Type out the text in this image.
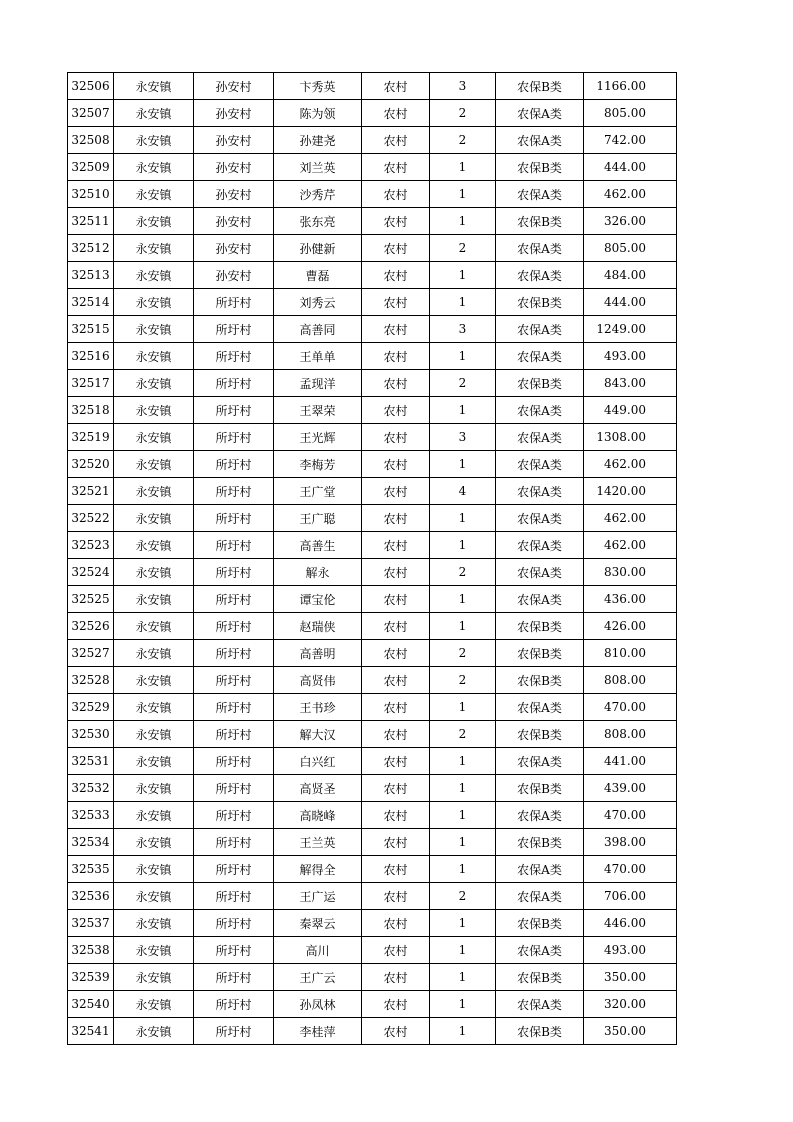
32506	永安镇	孙安村	卞秀英	农村	3	农保B类	1166.00
32507	永安镇	孙安村	陈为领	农村	2	农保A类	805.00
32508	永安镇	孙安村	孙建尧	农村	2	农保A类	742.00
32509	永安镇	孙安村	刘兰英	农村	1	农保B类	444.00
32510	永安镇	孙安村	沙秀芹	农村	1	农保A类	462.00
32511	永安镇	孙安村	张东亮	农村	1	农保B类	326.00
32512	永安镇	孙安村	孙健新	农村	2	农保A类	805.00
32513	永安镇	孙安村	曹磊	农村	1	农保A类	484.00
32514	永安镇	所圩村	刘秀云	农村	1	农保B类	444.00
32515	永安镇	所圩村	高善同	农村	3	农保A类	1249.00
32516	永安镇	所圩村	王单单	农村	1	农保A类	493.00
32517	永安镇	所圩村	孟现洋	农村	2	农保B类	843.00
32518	永安镇	所圩村	王翠荣	农村	1	农保A类	449.00
32519	永安镇	所圩村	王光辉	农村	3	农保A类	1308.00
32520	永安镇	所圩村	李梅芳	农村	1	农保A类	462.00
32521	永安镇	所圩村	王广堂	农村	4	农保A类	1420.00
32522	永安镇	所圩村	王广聪	农村	1	农保A类	462.00
32523	永安镇	所圩村	高善生	农村	1	农保A类	462.00
32524	永安镇	所圩村	解永	农村	2	农保A类	830.00
32525	永安镇	所圩村	谭宝伦	农村	1	农保A类	436.00
32526	永安镇	所圩村	赵瑞侠	农村	1	农保B类	426.00
32527	永安镇	所圩村	高善明	农村	2	农保B类	810.00
32528	永安镇	所圩村	高贤伟	农村	2	农保B类	808.00
32529	永安镇	所圩村	王书珍	农村	1	农保A类	470.00
32530	永安镇	所圩村	解大汉	农村	2	农保B类	808.00
32531	永安镇	所圩村	白兴红	农村	1	农保A类	441.00
32532	永安镇	所圩村	高贤圣	农村	1	农保B类	439.00
32533	永安镇	所圩村	高晓峰	农村	1	农保A类	470.00
32534	永安镇	所圩村	王兰英	农村	1	农保B类	398.00
32535	永安镇	所圩村	解得全	农村	1	农保A类	470.00
32536	永安镇	所圩村	王广运	农村	2	农保A类	706.00
32537	永安镇	所圩村	秦翠云	农村	1	农保B类	446.00
32538	永安镇	所圩村	高川	农村	1	农保A类	493.00
32539	永安镇	所圩村	王广云	农村	1	农保B类	350.00
32540	永安镇	所圩村	孙凤林	农村	1	农保A类	320.00
32541	永安镇	所圩村	李桂萍	农村	1	农保B类	350.00
